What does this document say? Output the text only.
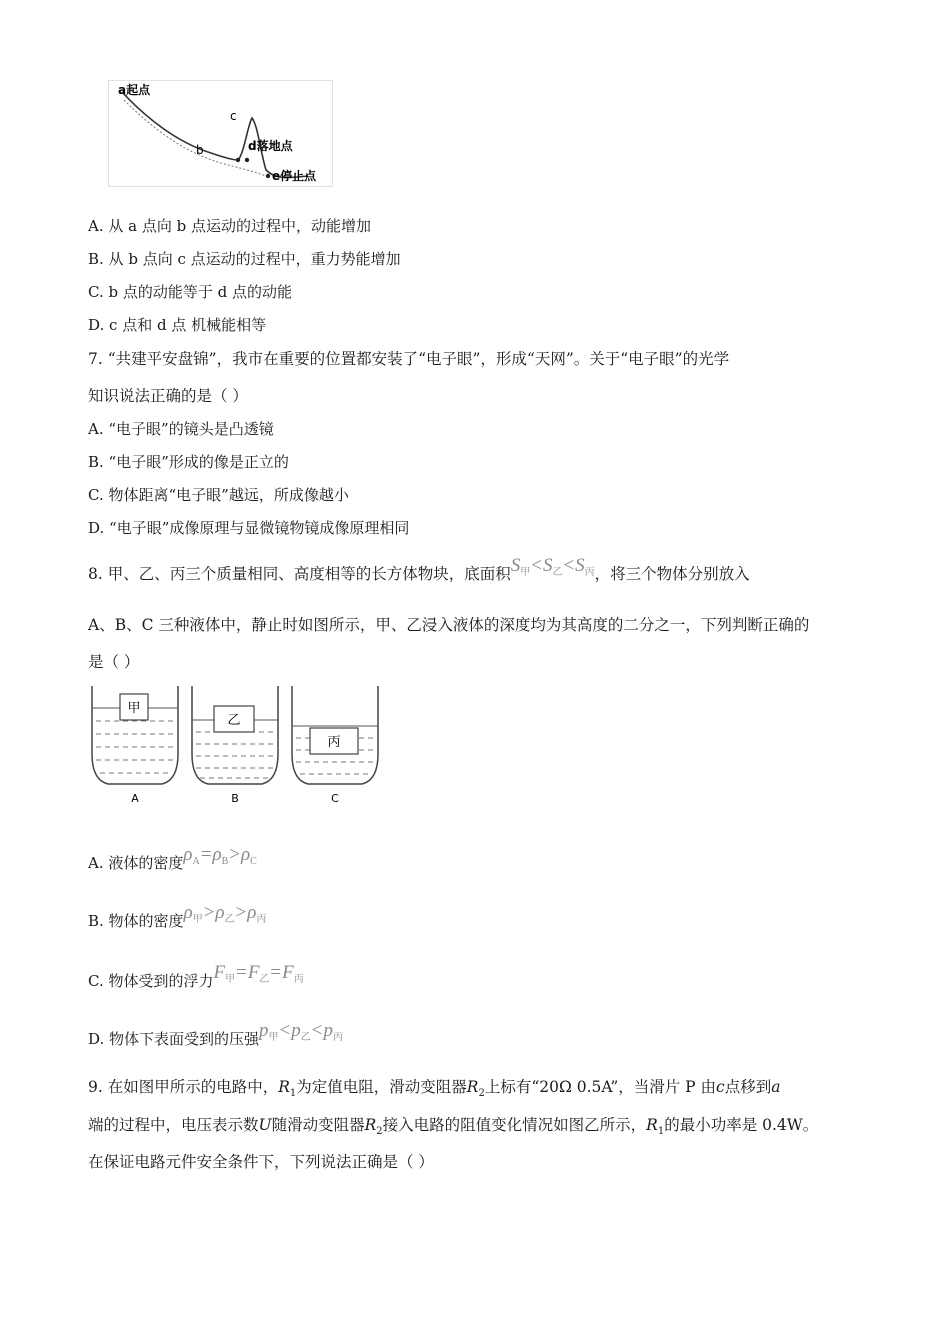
a起点
b
c
d落地点
e停止点
A. 从 a 点向 b 点运动的过程中，动能增加
B. 从 b 点向 c 点运动的过程中，重力势能增加
C. b 点的动能等于 d 点的动能
D. c 点和 d 点 机械能相等
7. “共建平安盘锦”，我市在重要的位置都安装了“电子眼”，形成“天网”。关于“电子眼”的光学
知识说法正确的是（ ）
A. “电子眼”的镜头是凸透镜
B. “电子眼”形成的像是正立的
C. 物体距离“电子眼”越远，所成像越小
D. “电子眼”成像原理与显微镜物镜成像原理相同
8. 甲、乙、丙三个质量相同、高度相等的长方体物块，底面积$S_甲<S_乙<S_丙$，将三个物体分别放入
A、B、C 三种液体中，静止时如图所示，甲、乙浸入液体的深度均为其高度的二分之一，下列判断正确的
是（ ）
甲
A
乙
B
丙
C
A. 液体的密度$\rho_A=\rho_B>\rho_C$
B. 物体的密度$\rho_甲>\rho_乙>\rho_丙$
C. 物体受到的浮力$F_甲=F_乙=F_丙$
D. 物体下表面受到的压强$p_甲<p_乙<p_丙$
9. 在如图甲所示的电路中，$R_1$为定值电阻，滑动变阻器$R_2$上标有“20Ω 0.5A”，当滑片 P 由c点移到a
端的过程中，电压表示数U随滑动变阻器$R_2$接入电路的阻值变化情况如图乙所示，$R_1$的最小功率是 0.4W。
在保证电路元件安全条件下，下列说法正确是（ ）
